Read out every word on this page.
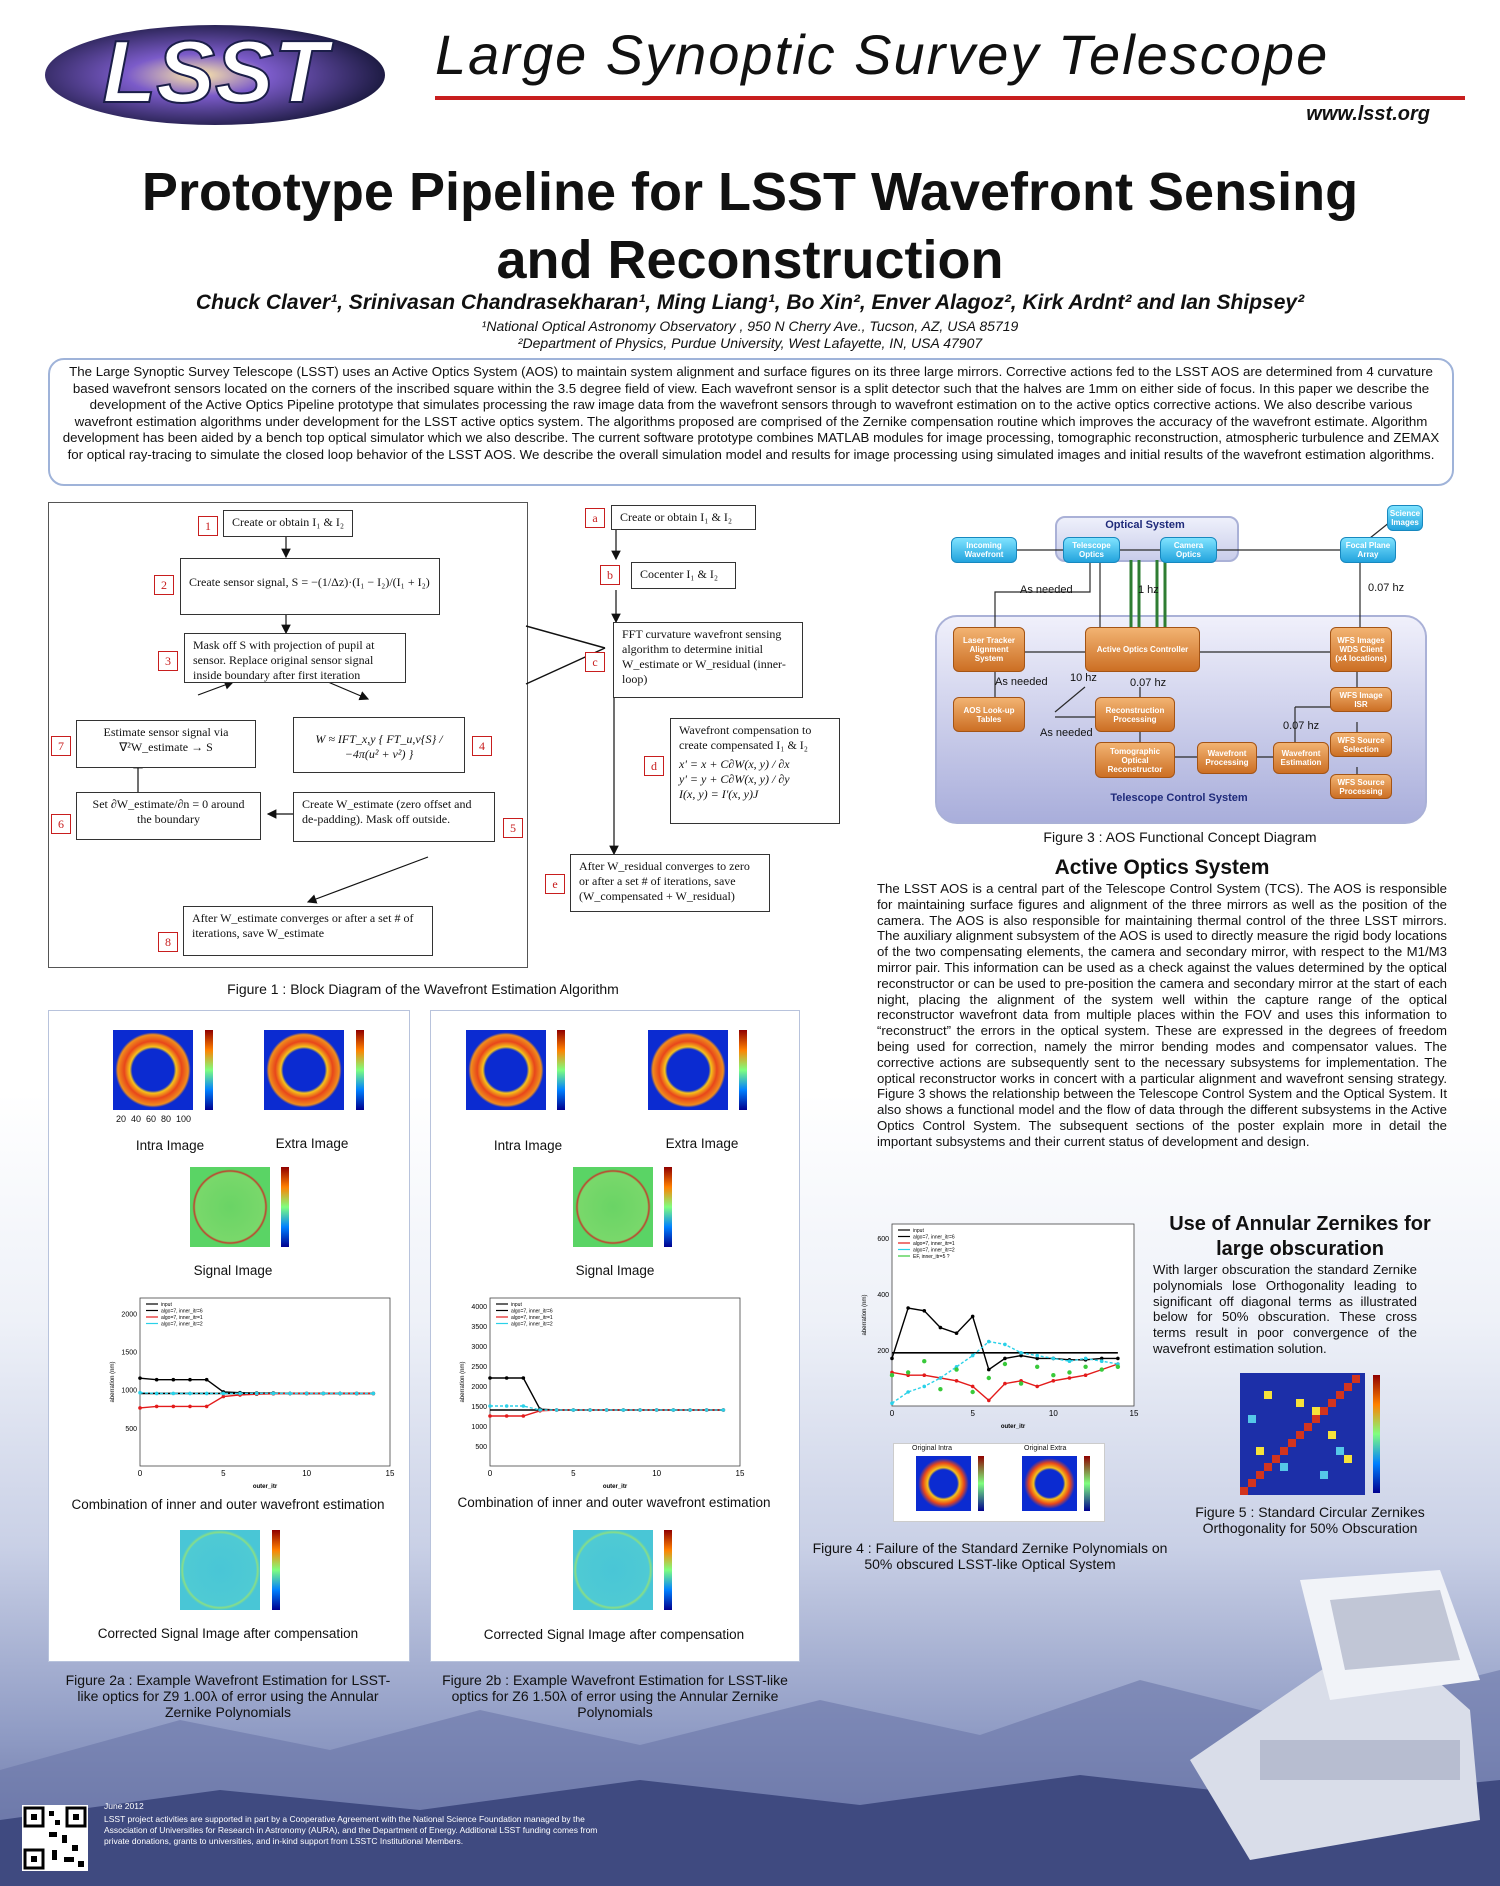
LSST Large Synoptic Survey Telescope
www.lsst.org
Prototype Pipeline for LSST Wavefront Sensing
and Reconstruction
Chuck Claver¹, Srinivasan Chandrasekharan¹, Ming Liang¹, Bo Xin², Enver Alagoz², Kirk Ardnt² and Ian Shipsey²
¹National Optical Astronomy Observatory , 950 N Cherry Ave., Tucson, AZ, USA 85719
²Department of Physics, Purdue University, West Lafayette, IN, USA 47907
The Large Synoptic Survey Telescope (LSST) uses an Active Optics System (AOS) to maintain system alignment and surface figures on its three large mirrors. Corrective actions fed to the LSST AOS are determined from 4 curvature based wavefront sensors located on the corners of the inscribed square within the 3.5 degree field of view. Each wavefront sensor is a split detector such that the halves are 1mm on either side of focus. In this paper we describe the development of the Active Optics Pipeline prototype that simulates processing the raw image data from the wavefront sensors through to wavefront estimation on to the active optics corrective actions. We also describe various wavefront estimation algorithms under development for the LSST active optics system. The algorithms proposed are comprised of the Zernike compensation routine which improves the accuracy of the wavefront estimate. Algorithm development has been aided by a bench top optical simulator which we also describe. The current software prototype combines MATLAB modules for image processing, tomographic reconstruction, atmospheric turbulence and ZEMAX for optical ray-tracing to simulate the closed loop behavior of the LSST AOS. We describe the overall simulation model and results for image processing using simulated images and initial results of the wavefront estimation algorithms.
1	Create or obtain I₁ & I₂
2	Create sensor signal, S = −(1/Δz)·(I₁ − I₂)/(I₁ + I₂)
3
Mask off S with projection of pupil at sensor. Replace original sensor signal inside boundary after first iteration
7
Estimate sensor signal via ∇²W_estimate → S	4
W ≈ IFT_x,y { FT_u,v{S} / −4π(u² + v²) }
6
Set ∂W_estimate/∂n = 0 around the boundary
5
Create W_estimate (zero offset and de-padding). Mask off outside.
8
After W_estimate converges or after a set # of iterations, save W_estimate
a	Create or obtain I₁ & I₂
b	Cocenter I₁ & I₂
c
FFT curvature wavefront sensing algorithm to determine initial W_estimate or W_residual (inner-loop)
d
Wavefront compensation to create compensated I₁ & I₂
x' = x + C∂W(x, y) / ∂x
y' = y + C∂W(x, y) / ∂y
I(x, y) = I'(x, y)J
e
After W_residual converges to zero or after a set # of iterations, save (W_compensated + W_residual)
Figure 1 : Block Diagram of the Wavefront Estimation Algorithm
20 40 60 80 100
Intra Image	Extra Image
Signal Image
Combination of inner and outer wavefront estimation
Corrected Signal Image after compensation
Intra Image	Extra Image
Signal Image
Combination of inner and outer wavefront estimation
Corrected Signal Image after compensation
0	5	10	15
500
1000
1500
2000
outer_itr
aberration (nm)
input
algo=7, inner_itr=6
algo=7, inner_itr=1
algo=7, inner_itr=2
0	5	10	15
500
1000
1500
2000
2500
3000
3500
4000
outer_itr
aberration (nm)
input
algo=7, inner_itr=6
algo=7, inner_itr=1
algo=7, inner_itr=2
Figure 2a : Example Wavefront Estimation for LSST-like optics for Z9 1.00λ of error using the Annular Zernike Polynomials
Figure 2b : Example Wavefront Estimation for LSST-like optics for Z6 1.50λ of error using the Annular Zernike Polynomials
Optical System
Telescope Control System
Incoming Wavefront
Telescope Optics
Camera Optics
Focal Plane Array
Science Images
Laser Tracker Alignment System
Active Optics Controller
AOS Look-up Tables
Reconstruction Processing
Tomographic Optical Reconstructor
Wavefront Processing
Wavefront Estimation
WFS Images WDS Client (x4 locations)
WFS Image ISR
WFS Source Selection
WFS Source Processing
As needed	1 hz	0.07 hz
As needed 10 hz	0.07 hz
As needed
0.07 hz
Figure 3 : AOS Functional Concept Diagram
Active Optics System
The LSST AOS is a central part of the Telescope Control System (TCS). The AOS is responsible for maintaining surface figures and alignment of the three mirrors as well as the position of the camera. The AOS is also responsible for maintaining thermal control of the three LSST mirrors. The auxiliary alignment subsystem of the AOS is used to directly measure the rigid body locations of the two compensating elements, the camera and secondary mirror, with respect to the M1/M3 mirror pair. This information can be used as a check against the values determined by the optical reconstructor or can be used to pre-position the camera and secondary mirror at the start of each night, placing the alignment of the system well within the capture range of the optical reconstructor wavefront data from multiple places within the FOV and uses this information to “reconstruct” the errors in the optical system. These are expressed in the degrees of freedom being used for correction, namely the mirror bending modes and compensator values. The corrective actions are subsequently sent to the necessary subsystems for implementation. The optical reconstructor works in concert with a particular alignment and wavefront sensing strategy. Figure 3 shows the relationship between the Telescope Control System and the Optical System. It also shows a functional model and the flow of data through the different subsystems in the Active Optics Control System. The subsequent sections of the poster explain more in detail the important subsystems and their current status of development and design.
0	5	10	15
200
400
600
outer_itr
aberration (nm)
input
algo=7, inner_itr=6
algo=7, inner_itr=1
algo=7, inner_itr=2
EF, inner_itr=5 ?
Original Intra	Original Extra
Figure 4 : Failure of the Standard Zernike Polynomials on 50% obscured LSST-like Optical System
Use of Annular Zernikes for large obscuration
With larger obscuration the standard Zernike polynomials lose Orthogonality leading to significant off diagonal terms as illustrated below for 50% obscuration. These cross terms result in poor convergence of the wavefront estimation solution.
Figure 5 : Standard Circular Zernikes Orthogonality for 50% Obscuration
June 2012
LSST project activities are supported in part by a Cooperative Agreement with the National Science Foundation managed by the Association of Universities for Research in Astronomy (AURA), and the Department of Energy. Additional LSST funding comes from private donations, grants to universities, and in-kind support from LSSTC Institutional Members.
